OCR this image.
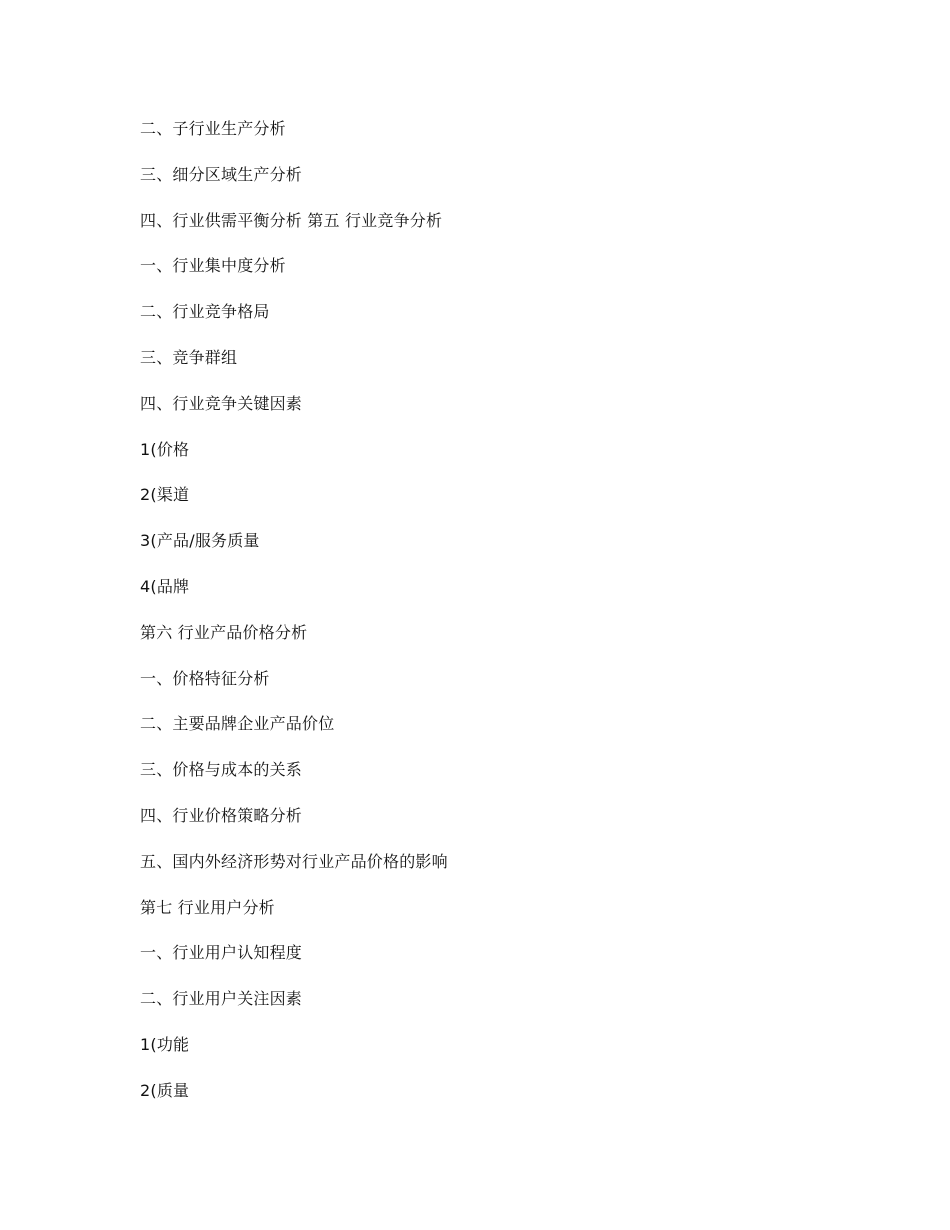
二、子行业生产分析
三、细分区域生产分析
四、行业供需平衡分析 第五 行业竞争分析
一、行业集中度分析
二、行业竞争格局
三、竞争群组
四、行业竞争关键因素
1(价格
2(渠道
3(产品/服务质量
4(品牌
第六 行业产品价格分析
一、价格特征分析
二、主要品牌企业产品价位
三、价格与成本的关系
四、行业价格策略分析
五、国内外经济形势对行业产品价格的影响
第七 行业用户分析
一、行业用户认知程度
二、行业用户关注因素
1(功能
2(质量
